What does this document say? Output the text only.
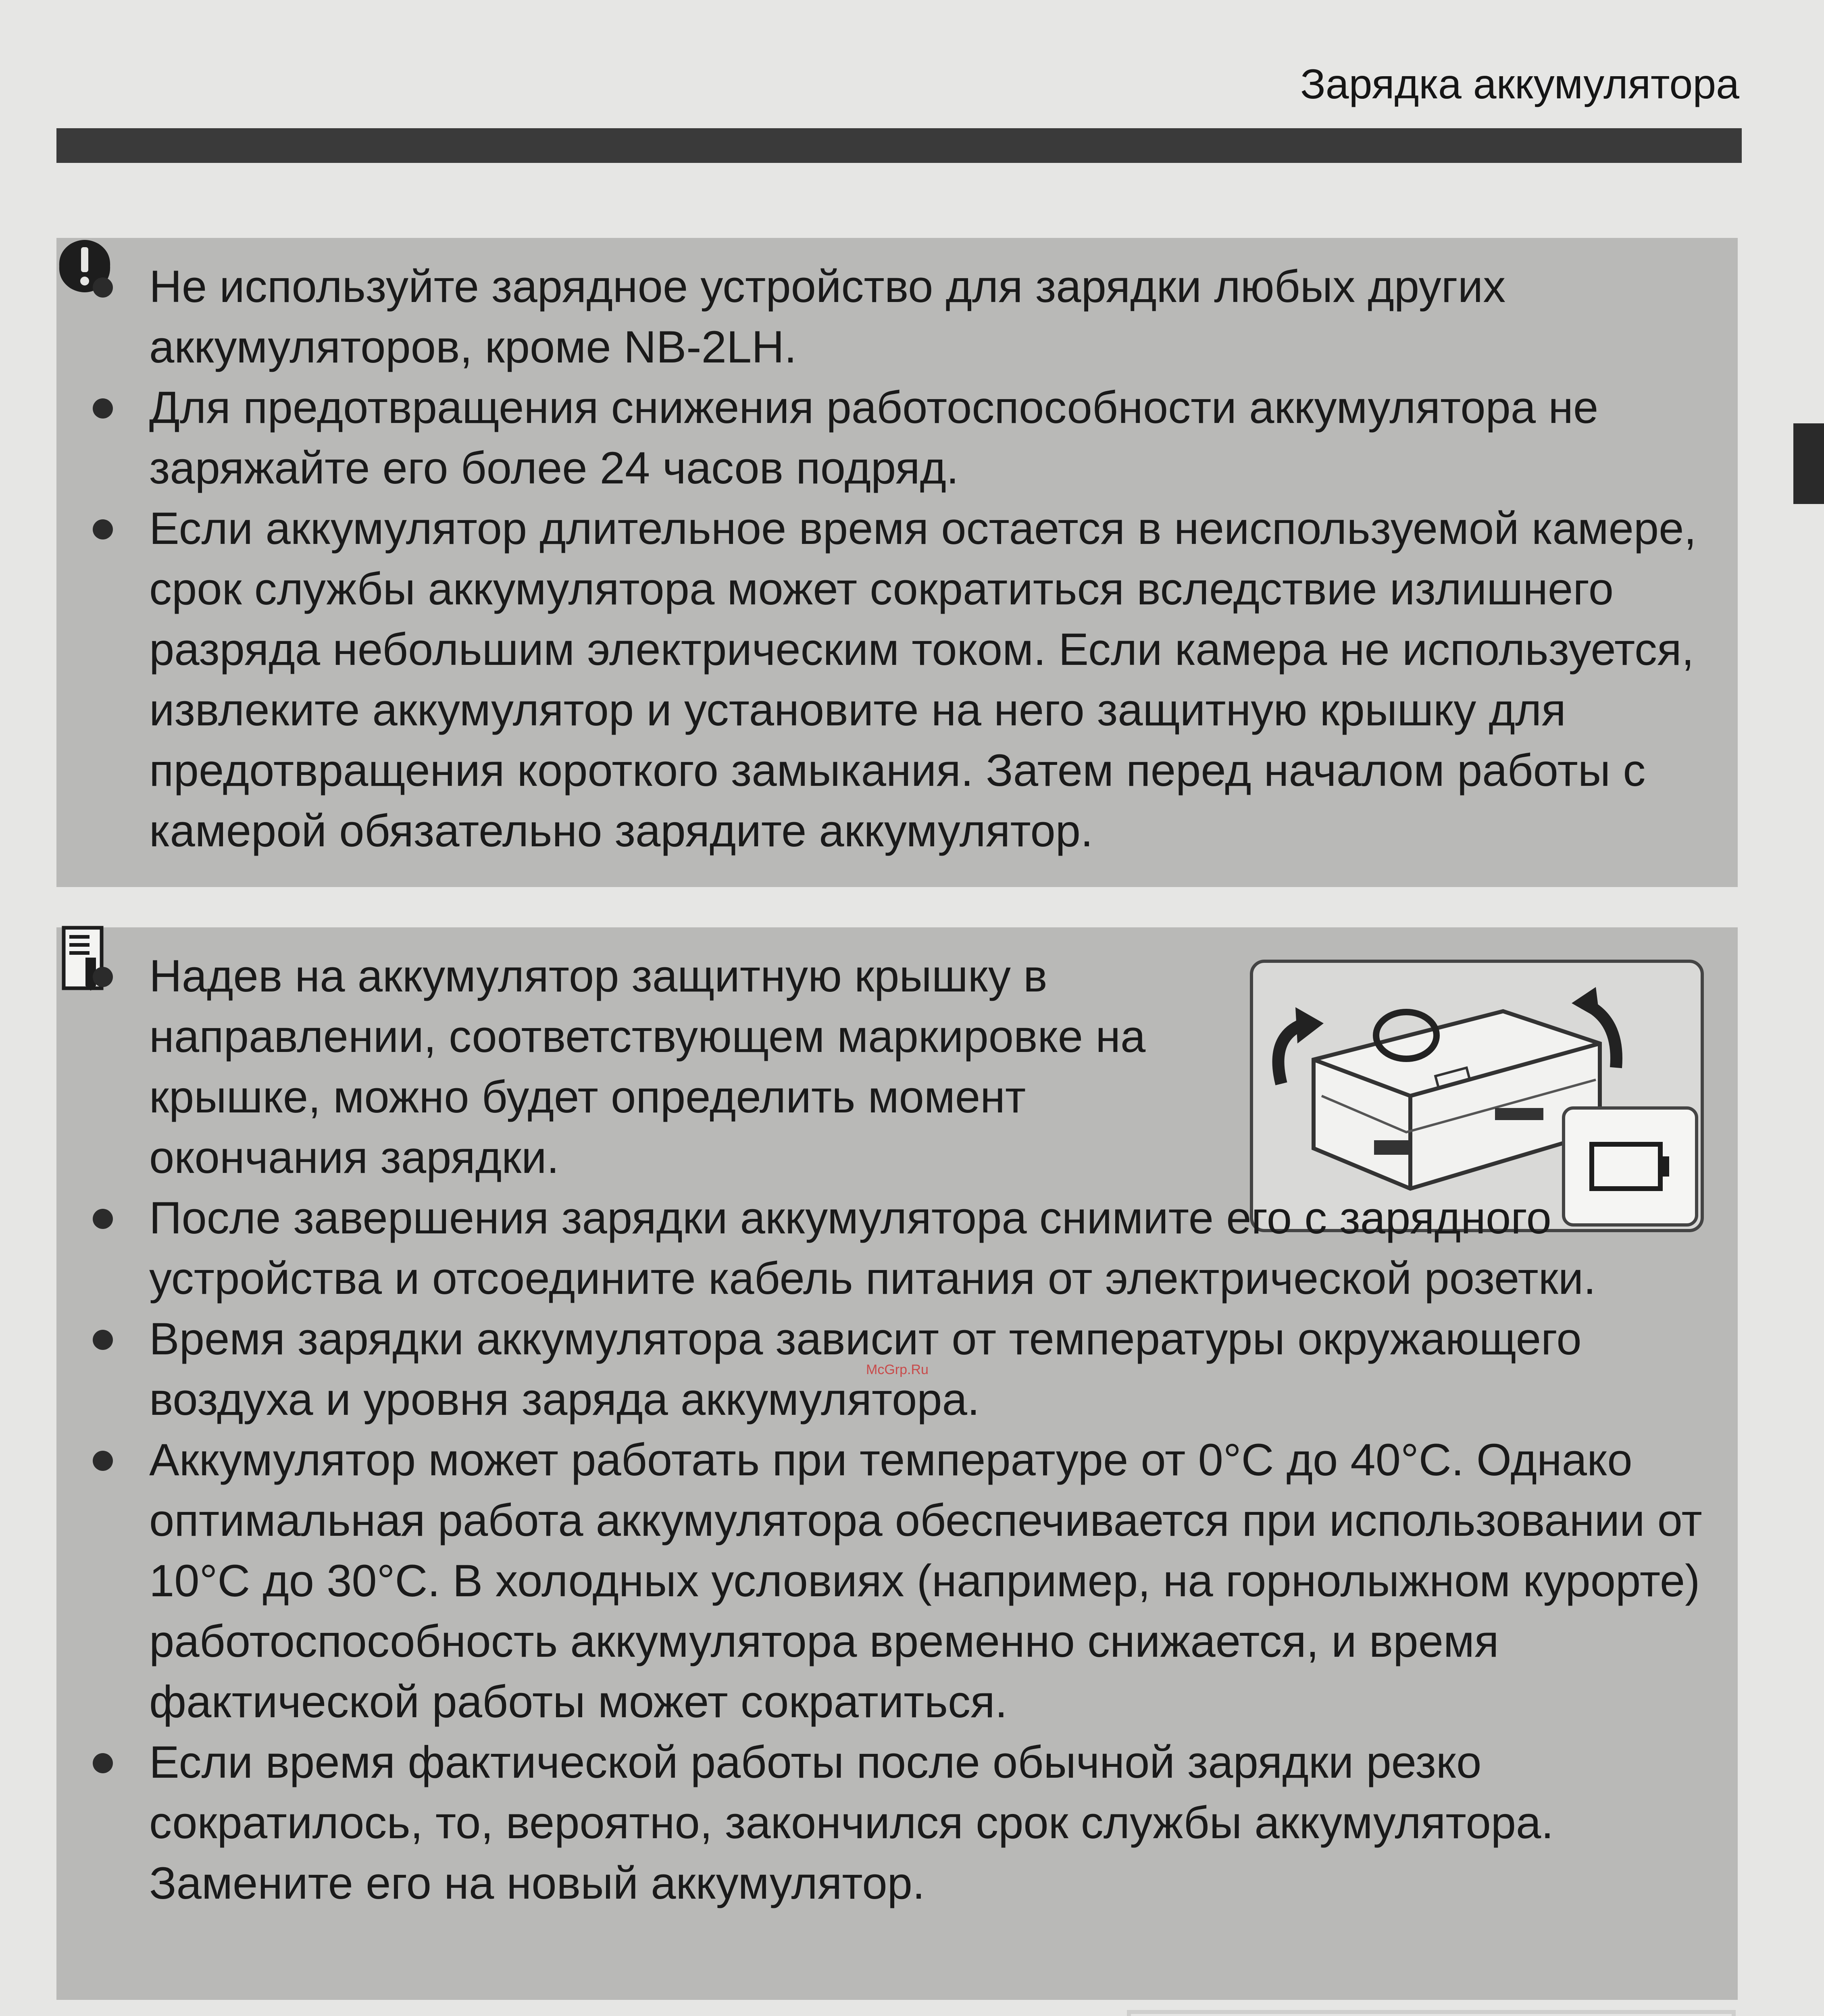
Зарядка аккумулятора
Не используйте зарядное устройство для зарядки любых других аккумуляторов, кроме NB-2LH.
Для предотвращения снижения работоспособности аккумулятора не заряжайте его более 24 часов подряд.
Если аккумулятор длительное время остается в неиспользуемой камере, срок службы аккумулятора может сократиться вследствие излишнего разряда небольшим электрическим током. Если камера не используется, извлеките аккумулятор и установите на него защитную крышку для предотвращения короткого замыкания. Затем перед началом работы с камерой обязательно зарядите аккумулятор.
Надев на аккумулятор защитную крышку в направлении, соответствующем маркировке на крышке, можно будет определить момент окончания зарядки.
После завершения зарядки аккумулятора снимите его с зарядного устройства и отсоедините кабель питания от электрической розетки.
Время зарядки аккумулятора зависит от температуры окружающего воздуха и уровня заряда аккумулятора.
Аккумулятор может работать при температуре от 0°C до 40°C. Однако оптимальная работа аккумулятора обеспечивается при использовании от 10°C до 30°C. В холодных условиях (например, на горнолыжном курорте) работоспособность аккумулятора временно снижается, и время фактической работы может сократиться.
Если время фактической работы после обычной зарядки резко сократилось, то, вероятно, закончился срок службы аккумулятора. Замените его на новый аккумулятор.
McGrp.Ru
